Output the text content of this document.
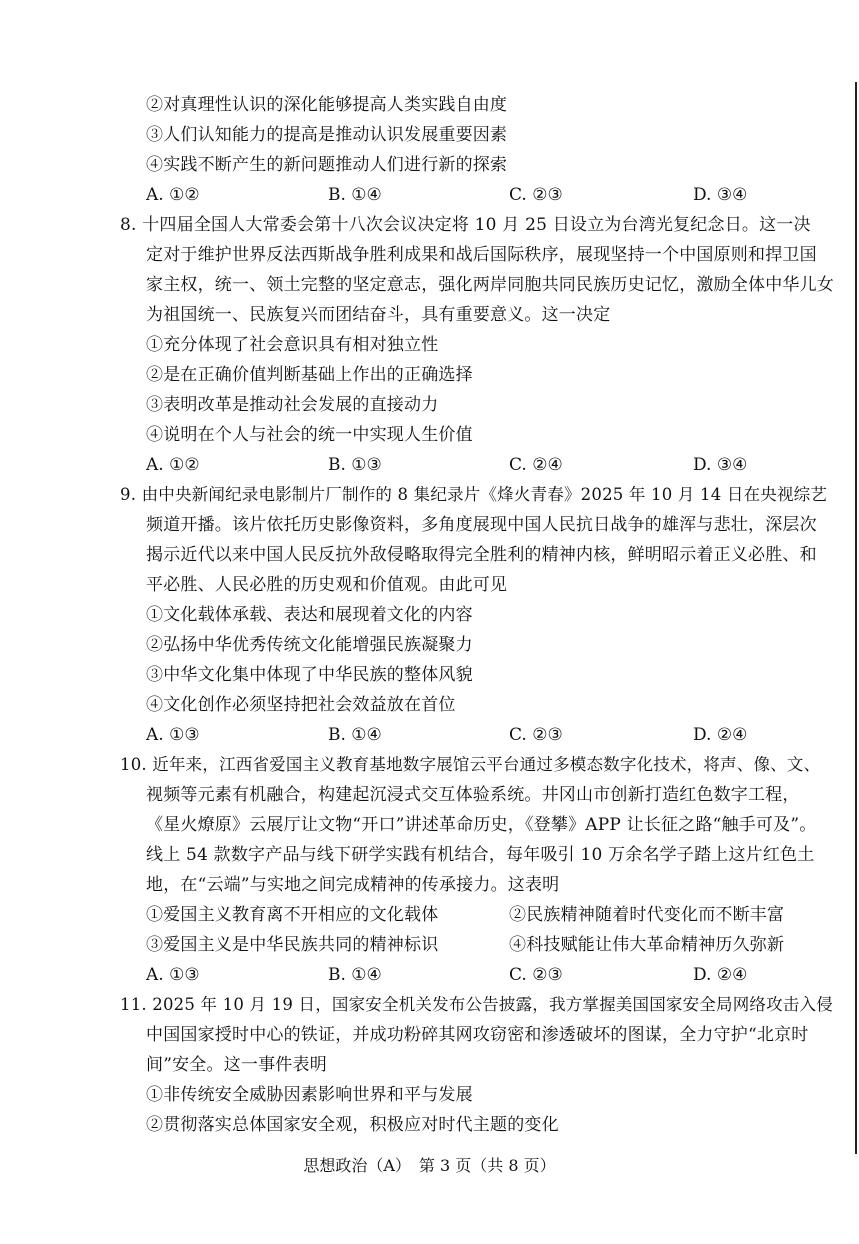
②对真理性认识的深化能够提高人类实践自由度
③人们认知能力的提高是推动认识发展重要因素
④实践不断产生的新问题推动人们进行新的探索
A. ①②	B. ①④	C. ②③	D. ③④
8. 十四届全国人大常委会第十八次会议决定将 10 月 25 日设立为台湾光复纪念日。这一决
定对于维护世界反法西斯战争胜利成果和战后国际秩序，展现坚持一个中国原则和捍卫国
家主权，统一、领土完整的坚定意志，强化两岸同胞共同民族历史记忆，激励全体中华儿女
为祖国统一、民族复兴而团结奋斗，具有重要意义。这一决定
①充分体现了社会意识具有相对独立性
②是在正确价值判断基础上作出的正确选择
③表明改革是推动社会发展的直接动力
④说明在个人与社会的统一中实现人生价值
A. ①②	B. ①③	C. ②④	D. ③④
9. 由中央新闻纪录电影制片厂制作的 8 集纪录片《烽火青春》2025 年 10 月 14 日在央视综艺
频道开播。该片依托历史影像资料，多角度展现中国人民抗日战争的雄浑与悲壮，深层次
揭示近代以来中国人民反抗外敌侵略取得完全胜利的精神内核，鲜明昭示着正义必胜、和
平必胜、人民必胜的历史观和价值观。由此可见
①文化载体承载、表达和展现着文化的内容
②弘扬中华优秀传统文化能增强民族凝聚力
③中华文化集中体现了中华民族的整体风貌
④文化创作必须坚持把社会效益放在首位
A. ①③	B. ①④	C. ②③	D. ②④
10. 近年来，江西省爱国主义教育基地数字展馆云平台通过多模态数字化技术，将声、像、文、
视频等元素有机融合，构建起沉浸式交互体验系统。井冈山市创新打造红色数字工程，
《星火燎原》云展厅让文物“开口”讲述革命历史，《登攀》APP 让长征之路“触手可及”。
线上 54 款数字产品与线下研学实践有机结合，每年吸引 10 万余名学子踏上这片红色土
地，在“云端”与实地之间完成精神的传承接力。这表明
①爱国主义教育离不开相应的文化载体	②民族精神随着时代变化而不断丰富
③爱国主义是中华民族共同的精神标识	④科技赋能让伟大革命精神历久弥新
A. ①③	B. ①④	C. ②③	D. ②④
11. 2025 年 10 月 19 日，国家安全机关发布公告披露，我方掌握美国国家安全局网络攻击入侵
中国国家授时中心的铁证，并成功粉碎其网攻窃密和渗透破坏的图谋，全力守护“北京时
间”安全。这一事件表明
①非传统安全威胁因素影响世界和平与发展
②贯彻落实总体国家安全观，积极应对时代主题的变化
思想政治（A）　第 3 页（共 8 页）
